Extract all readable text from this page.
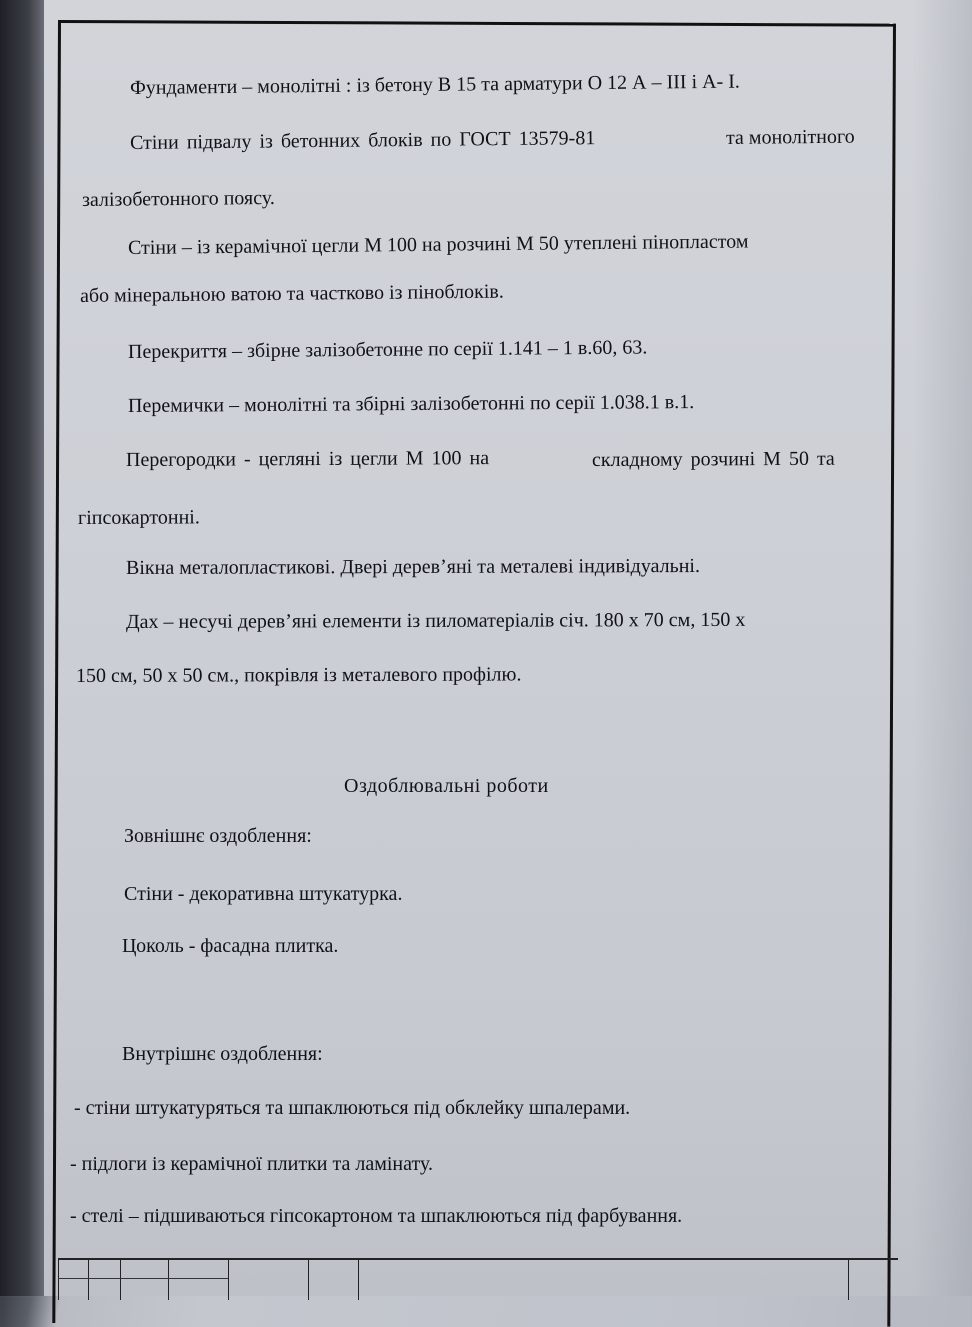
Фундаменти – монолітні : із бетону В 15 та арматури О 12 А – ІІІ і А- І.
Стіни підвалу із бетонних блоків по ГОСТ 13579-81	та монолітного
залізобетонного поясу.
Стіни – із керамічної цегли М 100 на розчині М 50 утеплені пінопластом
або мінеральною ватою та частково із піноблоків.
Перекриття – збірне залізобетонне по серії 1.141 – 1 в.60, 63.
Перемички – монолітні та збірні залізобетонні по серії 1.038.1 в.1.
Перегородки - цегляні із цегли М 100 на	складному розчині М 50 та
гіпсокартонні.
Вікна металопластикові. Двері дерев’яні та металеві індивідуальні.
Дах – несучі дерев’яні елементи із пиломатеріалів січ. 180 х 70 см, 150 х
150 см, 50 х 50 см., покрівля із металевого профілю.
Оздоблювальні роботи
Зовнішнє оздоблення:
Стіни - декоративна штукатурка.
Цоколь - фасадна плитка.
Внутрішнє оздоблення:
- стіни штукатуряться та шпаклюються під обклейку шпалерами.
- підлоги із керамічної плитки та ламінату.
- стелі – підшиваються гіпсокартоном та шпаклюються під фарбування.
